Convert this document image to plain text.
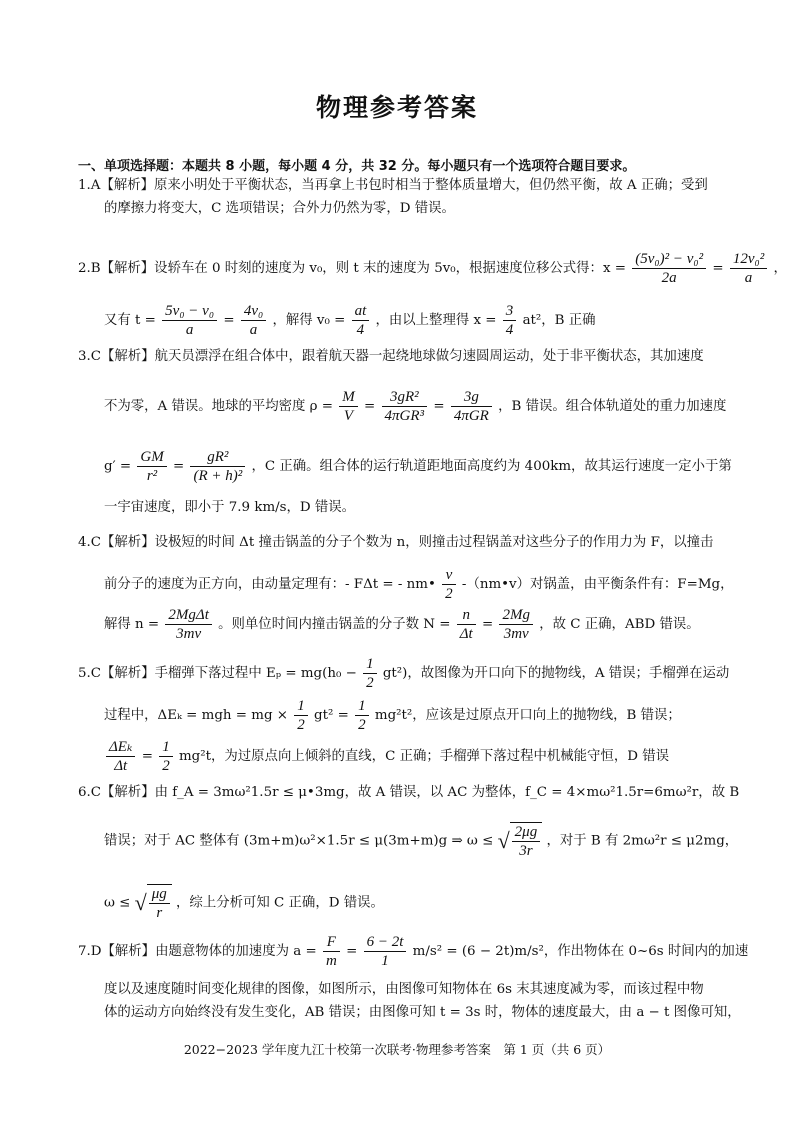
物理参考答案
一、单项选择题：本题共 8 小题，每小题 4 分，共 32 分。每小题只有一个选项符合题目要求。
1.A【解析】原来小明处于平衡状态，当再拿上书包时相当于整体质量增大，但仍然平衡，故 A 正确；受到
的摩擦力将变大，C 选项错误；合外力仍然为零，D 错误。
2.B【解析】设轿车在 0 时刻的速度为 v₀，则 t 末的速度为 5v₀，根据速度位移公式得：$x = \frac{\text{(5v₀)² − v₀²}}{2a} = \frac{\text{12v₀²}}{a}$ ，
又有 $t = \frac{\text{5v₀ − v₀}}{a} = \frac{\text{4v₀}}{a}$ ，解得 $v_0 = \frac{at}{4}$ ，由以上整理得 $x = \frac{3}{4} at^2$，B 正确
3.C【解析】航天员漂浮在组合体中，跟着航天器一起绕地球做匀速圆周运动，处于非平衡状态，其加速度
不为零，A 错误。地球的平均密度 $\rho = \frac{M}{V} = \frac{\text{3gR²}}{\text{4πGR³}} = \frac{3g}{\text{4πGR}}$ ，B 错误。组合体轨道处的重力加速度
$g' = \frac{GM}{\text{r²}} = \frac{\text{gR²}}{\text{(R + h)²}}$ ，C 正确。组合体的运行轨道距地面高度约为 400km，故其运行速度一定小于第
一宇宙速度，即小于 7.9 km/s，D 错误。
4.C【解析】设极短的时间 Δt 撞击锅盖的分子个数为 n，则撞击过程锅盖对这些分子的作用力为 F，以撞击
前分子的速度为正方向，由动量定理有：- FΔt = - nm• $\frac{v}{2}$ -（nm•v）对锅盖，由平衡条件有：F=Mg，
解得 $n = \frac{\text{2MgΔt}}{3mv}$ 。则单位时间内撞击锅盖的分子数 $N = \frac{n}{\Delta t} = \frac{2Mg}{3mv}$ ，故 C 正确，ABD 错误。
5.C【解析】手榴弹下落过程中 $E_p = mg(h_0 - \frac{1}{2} gt^2)$，故图像为开口向下的抛物线，A 错误；手榴弹在运动
过程中，ΔEₖ = mgh = mg × $\frac{1}{2} gt^2 = \frac{1}{2} mg^2t^2$，应该是过原点开口向上的抛物线，B 错误；
$\frac{\text{ΔEₖ}}{\Delta t} = \frac{1}{2} mg^2t$，为过原点向上倾斜的直线，C 正确；手榴弹下落过程中机械能守恒，D 错误
6.C【解析】由 f_A = 3mω²1.5r ≤ μ•3mg，故 A 错误，以 AC 为整体，f_C = 4×mω²1.5r=6mω²r，故 B
错误；对于 AC 整体有 (3m+m)ω²×1.5r ≤ μ(3m+m)g ⇒ ω ≤ √ $\frac{2\mu g}{3r}$ ，对于 B 有 2mω²r ≤ μ2mg，
ω ≤ √ $\frac{\mu g}{r}$ ，综上分析可知 C 正确，D 错误。
7.D【解析】由题意物体的加速度为 $a = \frac{F}{m} = \frac{6 - 2t}{1} m/s^2 = (6 - 2t)m/s^2$，作出物体在 0~6s 时间内的加速
度以及速度随时间变化规律的图像，如图所示，由图像可知物体在 6s 末其速度减为零，而该过程中物
体的运动方向始终没有发生变化，AB 错误；由图像可知 t = 3s 时，物体的速度最大，由 a − t 图像可知，
2022−2023 学年度九江十校第一次联考·物理参考答案　第 1 页（共 6 页）
